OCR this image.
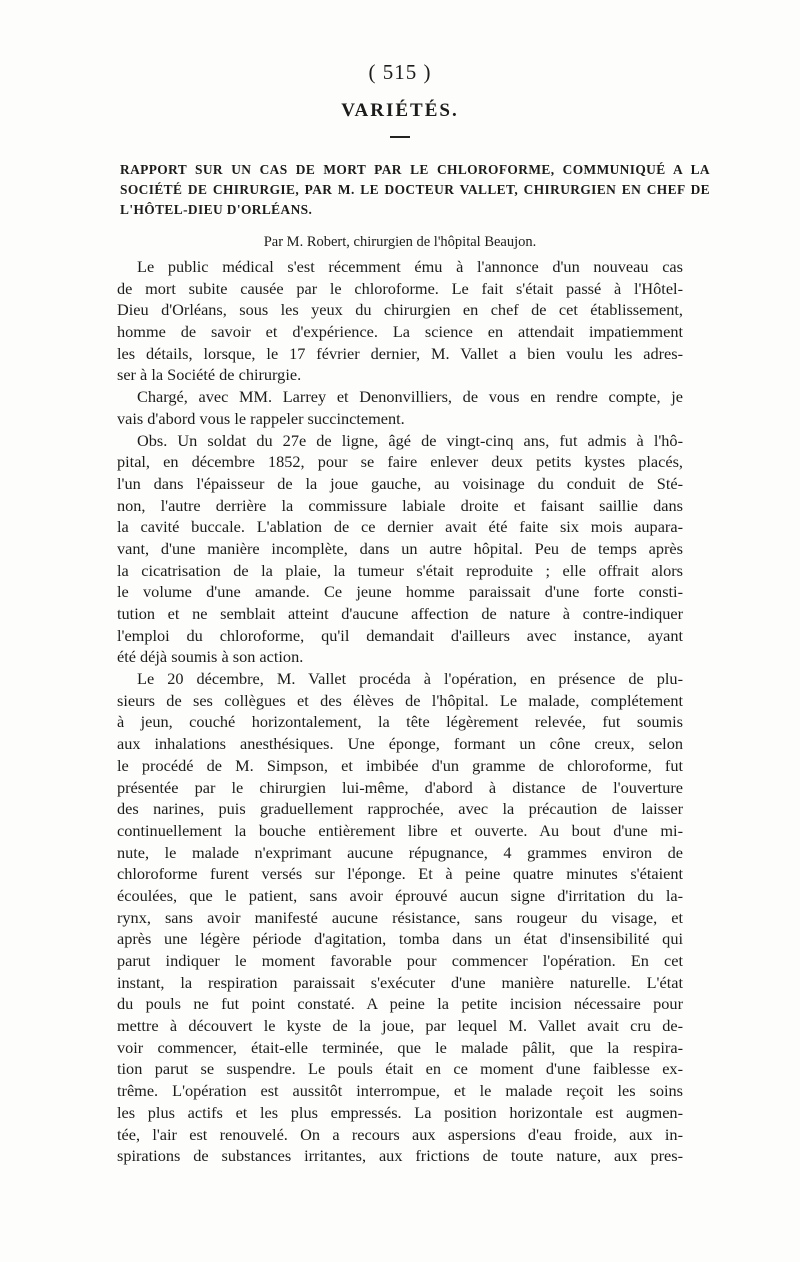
( 515 )
VARIÉTÉS.
RAPPORT SUR UN CAS DE MORT PAR LE CHLOROFORME, COMMUNIQUÉ A LA SOCIÉTÉ DE CHIRURGIE, PAR M. LE DOCTEUR VALLET, CHIRURGIEN EN CHEF DE L'HÔTEL-DIEU D'ORLÉANS.
Par M. Robert, chirurgien de l'hôpital Beaujon.
Le public médical s'est récemment ému à l'annonce d'un nouveau cas
de mort subite causée par le chloroforme. Le fait s'était passé à l'Hôtel-
Dieu d'Orléans, sous les yeux du chirurgien en chef de cet établissement,
homme de savoir et d'expérience. La science en attendait impatiemment
les détails, lorsque, le 17 février dernier, M. Vallet a bien voulu les adres-
ser à la Société de chirurgie.
Chargé, avec MM. Larrey et Denonvilliers, de vous en rendre compte, je
vais d'abord vous le rappeler succinctement.
Obs. Un soldat du 27e de ligne, âgé de vingt-cinq ans, fut admis à l'hô-
pital, en décembre 1852, pour se faire enlever deux petits kystes placés,
l'un dans l'épaisseur de la joue gauche, au voisinage du conduit de Sté-
non, l'autre derrière la commissure labiale droite et faisant saillie dans
la cavité buccale. L'ablation de ce dernier avait été faite six mois aupara-
vant, d'une manière incomplète, dans un autre hôpital. Peu de temps après
la cicatrisation de la plaie, la tumeur s'était reproduite ; elle offrait alors
le volume d'une amande. Ce jeune homme paraissait d'une forte consti-
tution et ne semblait atteint d'aucune affection de nature à contre-indiquer
l'emploi du chloroforme, qu'il demandait d'ailleurs avec instance, ayant
été déjà soumis à son action.
Le 20 décembre, M. Vallet procéda à l'opération, en présence de plu-
sieurs de ses collègues et des élèves de l'hôpital. Le malade, complétement
à jeun, couché horizontalement, la tête légèrement relevée, fut soumis
aux inhalations anesthésiques. Une éponge, formant un cône creux, selon
le procédé de M. Simpson, et imbibée d'un gramme de chloroforme, fut
présentée par le chirurgien lui-même, d'abord à distance de l'ouverture
des narines, puis graduellement rapprochée, avec la précaution de laisser
continuellement la bouche entièrement libre et ouverte. Au bout d'une mi-
nute, le malade n'exprimant aucune répugnance, 4 grammes environ de
chloroforme furent versés sur l'éponge. Et à peine quatre minutes s'étaient
écoulées, que le patient, sans avoir éprouvé aucun signe d'irritation du la-
rynx, sans avoir manifesté aucune résistance, sans rougeur du visage, et
après une légère période d'agitation, tomba dans un état d'insensibilité qui
parut indiquer le moment favorable pour commencer l'opération. En cet
instant, la respiration paraissait s'exécuter d'une manière naturelle. L'état
du pouls ne fut point constaté. A peine la petite incision nécessaire pour
mettre à découvert le kyste de la joue, par lequel M. Vallet avait cru de-
voir commencer, était-elle terminée, que le malade pâlit, que la respira-
tion parut se suspendre. Le pouls était en ce moment d'une faiblesse ex-
trême. L'opération est aussitôt interrompue, et le malade reçoit les soins
les plus actifs et les plus empressés. La position horizontale est augmen-
tée, l'air est renouvelé. On a recours aux aspersions d'eau froide, aux in-
spirations de substances irritantes, aux frictions de toute nature, aux pres-
